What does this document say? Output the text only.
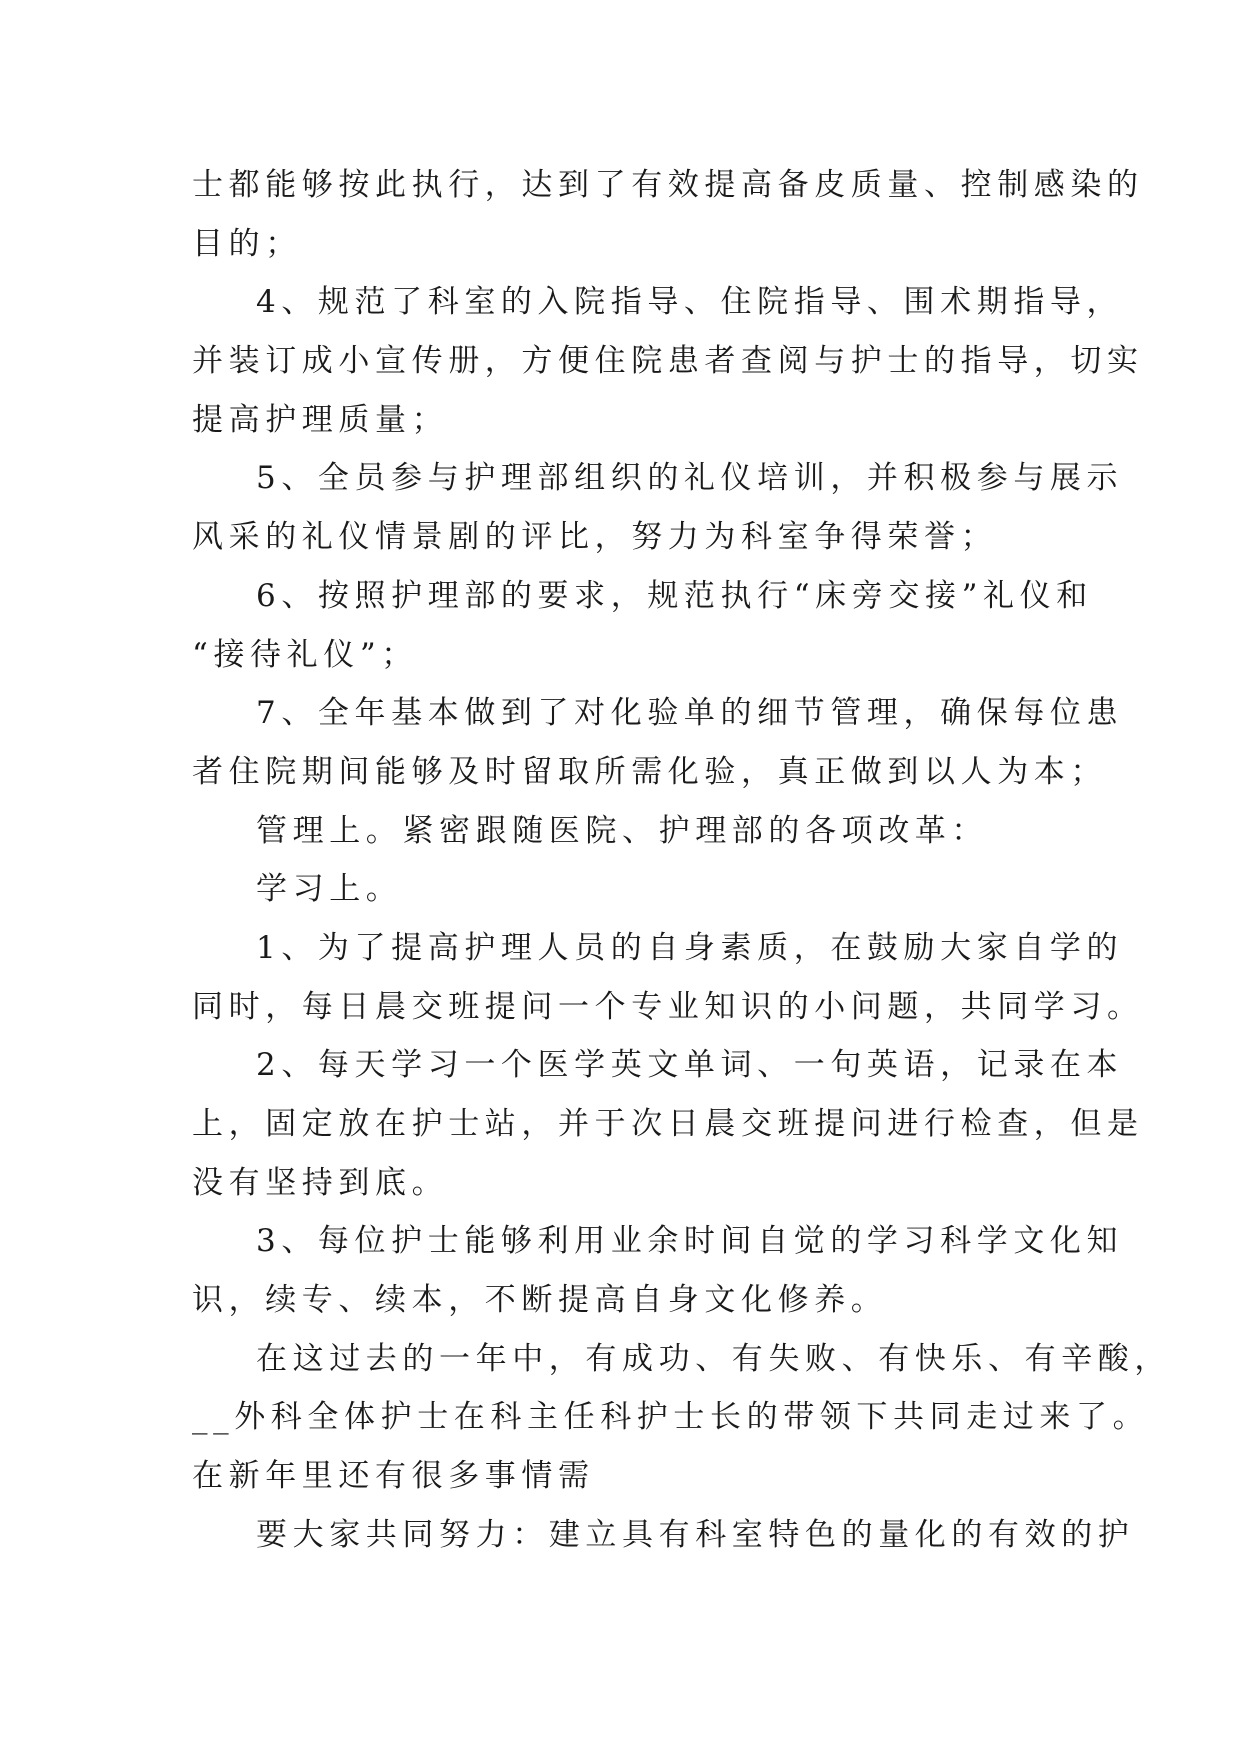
士都能够按此执行，达到了有效提高备皮质量、控制感染的
目的；
4、规范了科室的入院指导、住院指导、围术期指导，
并装订成小宣传册，方便住院患者查阅与护士的指导，切实
提高护理质量；
5、全员参与护理部组织的礼仪培训，并积极参与展示
风采的礼仪情景剧的评比，努力为科室争得荣誉；
6、按照护理部的要求，规范执行“床旁交接”礼仪和
“接待礼仪”；
7、全年基本做到了对化验单的细节管理，确保每位患
者住院期间能够及时留取所需化验，真正做到以人为本；
管理上。紧密跟随医院、护理部的各项改革：
学习上。
1、为了提高护理人员的自身素质，在鼓励大家自学的
同时，每日晨交班提问一个专业知识的小问题，共同学习。
2、每天学习一个医学英文单词、一句英语，记录在本
上，固定放在护士站，并于次日晨交班提问进行检查，但是
没有坚持到底。
3、每位护士能够利用业余时间自觉的学习科学文化知
识，续专、续本，不断提高自身文化修养。
在这过去的一年中，有成功、有失败、有快乐、有辛酸，
__外科全体护士在科主任科护士长的带领下共同走过来了。
在新年里还有很多事情需
要大家共同努力：建立具有科室特色的量化的有效的护
